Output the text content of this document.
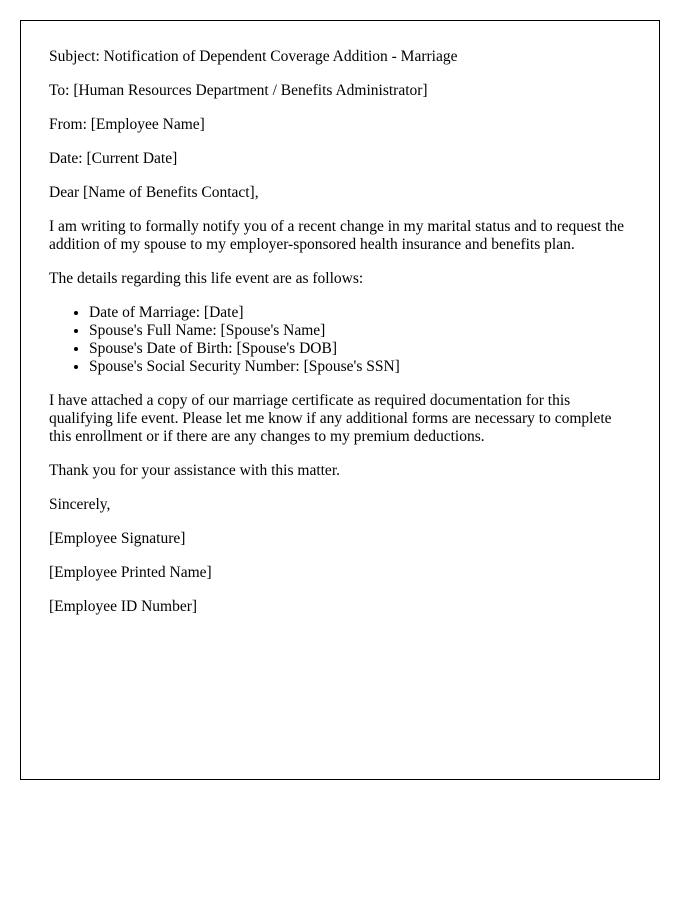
Subject: Notification of Dependent Coverage Addition - Marriage

To: [Human Resources Department / Benefits Administrator]

From: [Employee Name]

Date: [Current Date]

Dear [Name of Benefits Contact],

I am writing to formally notify you of a recent change in my marital status and to request the addition of my spouse to my employer-sponsored health insurance and benefits plan.

The details regarding this life event are as follows:

• Date of Marriage: [Date]
• Spouse's Full Name: [Spouse's Name]
• Spouse's Date of Birth: [Spouse's DOB]
• Spouse's Social Security Number: [Spouse's SSN]

I have attached a copy of our marriage certificate as required documentation for this qualifying life event. Please let me know if any additional forms are necessary to complete this enrollment or if there are any changes to my premium deductions.

Thank you for your assistance with this matter.

Sincerely,

[Employee Signature]

[Employee Printed Name]

[Employee ID Number]
